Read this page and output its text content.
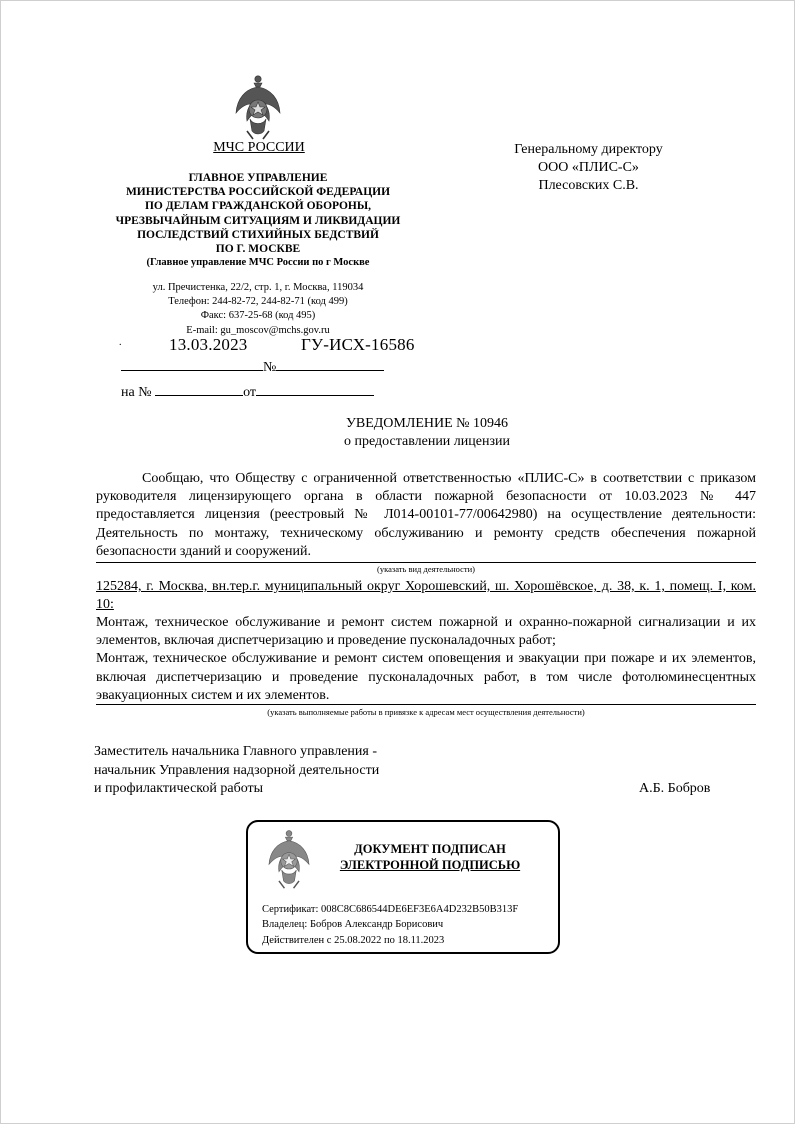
МЧС РОССИИ
ГЛАВНОЕ УПРАВЛЕНИЕ
МИНИСТЕРСТВА РОССИЙСКОЙ ФЕДЕРАЦИИ
ПО ДЕЛАМ ГРАЖДАНСКОЙ ОБОРОНЫ,
ЧРЕЗВЫЧАЙНЫМ СИТУАЦИЯМ И ЛИКВИДАЦИИ
ПОСЛЕДСТВИЙ СТИХИЙНЫХ БЕДСТВИЙ
ПО Г. МОСКВЕ
(Главное управление МЧС России по г Москве
ул. Пречистенка, 22/2, стр. 1, г. Москва, 119034
Телефон: 244-82-72, 244-82-71 (код 499)
Факс: 637-25-68 (код 495)
E-mail: gu_moscov@mchs.gov.ru
Генеральному директору
ООО «ПЛИС-С»
Плесовских С.В.
.	13.03.2023	ГУ-ИСХ-16586
№
на №	от
УВЕДОМЛЕНИЕ № 10946
о предоставлении лицензии
Сообщаю, что Обществу с ограниченной ответственностью «ПЛИС-С» в соответствии с приказом руководителя лицензирующего органа в области пожарной безопасности от 10.03.2023 № 447 предоставляется лицензия (реестровый № Л014-00101-77/00642980) на осуществление деятельности: Деятельность по монтажу, техническому обслуживанию и ремонту средств обеспечения пожарной безопасности зданий и сооружений.
(указать вид деятельности)
125284, г. Москва, вн.тер.г. муниципальный округ Хорошевский, ш. Хорошёвское, д. 38, к. 1, помещ. I, ком. 10:
Монтаж, техническое обслуживание и ремонт систем пожарной и охранно-пожарной сигнализации и их элементов, включая диспетчеризацию и проведение пусконаладочных работ;
Монтаж, техническое обслуживание и ремонт систем оповещения и эвакуации при пожаре и их элементов, включая диспетчеризацию и проведение пусконаладочных работ, в том числе фотолюминесцентных эвакуационных систем и их элементов.
(указать выполняемые работы в привязке к адресам мест осуществления деятельности)
Заместитель начальника Главного управления -
начальник Управления надзорной деятельности
и профилактической работы	А.Б. Бобров
ДОКУМЕНТ ПОДПИСАН
ЭЛЕКТРОННОЙ ПОДПИСЬЮ
Сертификат: 008C8C686544DE6EF3E6A4D232B50B313F
Владелец: Бобров Александр Борисович
Действителен с 25.08.2022 по 18.11.2023
